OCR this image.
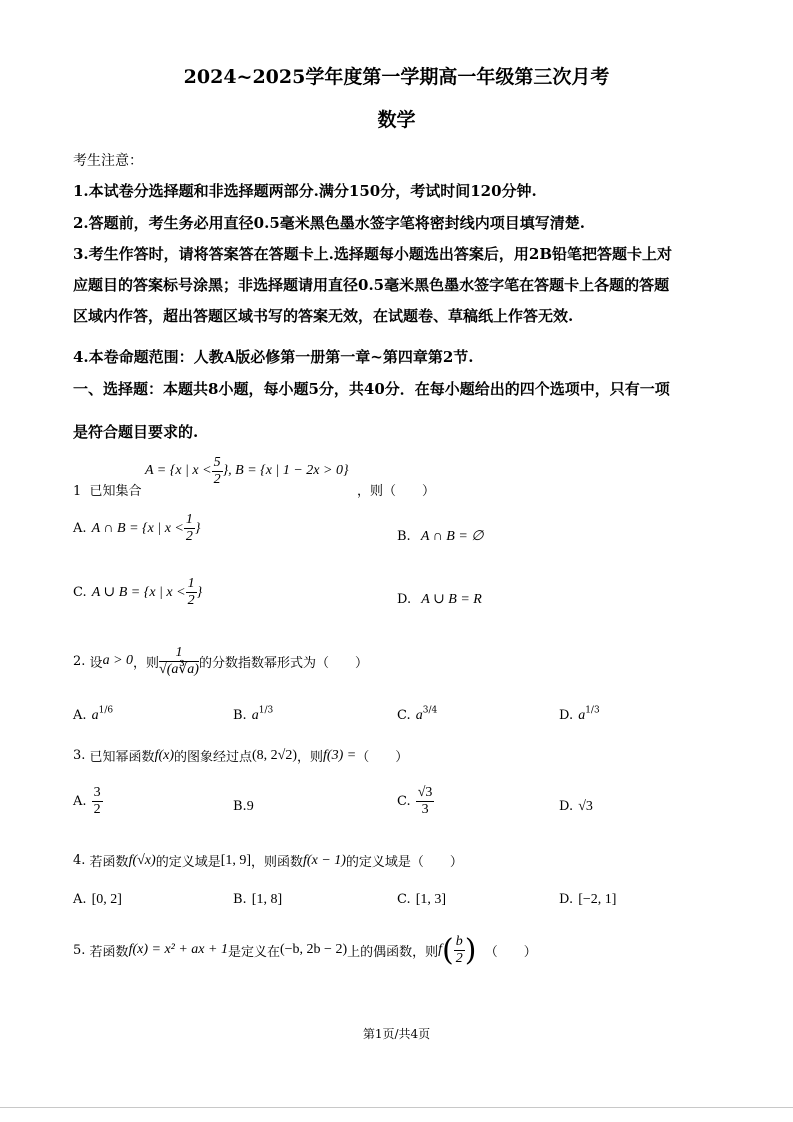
2024~2025学年度第一学期高一年级第三次月考
数学
考生注意：
1.本试卷分选择题和非选择题两部分.满分150分，考试时间120分钟.
2.答题前，考生务必用直径0.5毫米黑色墨水签字笔将密封线内项目填写清楚.
3.考生作答时，请将答案答在答题卡上.选择题每小题选出答案后，用2B铅笔把答题卡上对
应题目的答案标号涂黑；非选择题请用直径0.5毫米黑色墨水签字笔在答题卡上各题的答题
区域内作答，超出答题区域书写的答案无效，在试题卷、草稿纸上作答无效.
4.本卷命题范围：人教A版必修第一册第一章~第四章第2节.
一、选择题：本题共8小题，每小题5分，共40分．在每小题给出的四个选项中，只有一项
是符合题目要求的.
A = {x | $x < \frac{5}{2}$ }, B = {x | 1 − 2x > 0}
1 已知集合	，则（　　）
A.
A ∩ B = {x | $x < \frac{1}{2}$ }
B. A ∩ B = ∅
C.
A ∪ B = {x | $x < \frac{1}{2}$ }	D. A ∪ B = R
2.
设 a > 0 ，则 $\frac{1}{√(a∛a)}$ 的分数指数幂形式为（　　）
A. $a^{1/6}$	B. $a^{1/3}$	C. $a^{3/4}$	D. $a^{1/3}$
3.
已知幂函数 f(x) 的图象经过点 (8, 2√2) ，则 f(3) = （　　）
A.
$\frac{3}{2}$	B.9	C.
$\frac{√3}{3}$	D. √3
4.
若函数 f(√x) 的定义域是 [1, 9] ，则函数 f(x − 1) 的定义域是（　　）
A. [0, 2]	B. [1, 8]	C. [1, 3]	D. [−2, 1]
5.
若函数 f(x) = x² + ax + 1 是定义在 (−b, 2b − 2) 上的偶函数，则 f ( $\frac{b}{2}$ )
（　　）
第1页/共4页
